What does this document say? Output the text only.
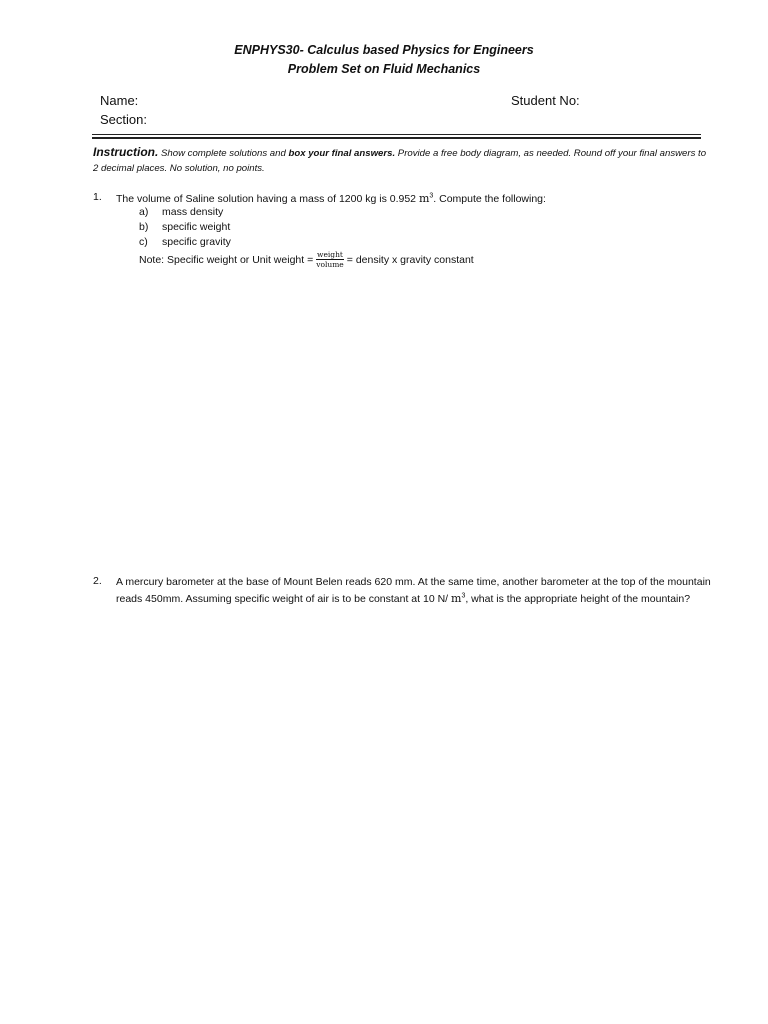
ENPHYS30- Calculus based Physics for Engineers
Problem Set on Fluid Mechanics
Name:
Section:
Student No:
Instruction. Show complete solutions and box your final answers. Provide a free body diagram, as needed. Round off your final answers to 2 decimal places. No solution, no points.
1. The volume of Saline solution having a mass of 1200 kg is 0.952 $m^3$. Compute the following:
a) mass density
b) specific weight
c) specific gravity
Note: Specific weight or Unit weight = $\frac{\text{weight}}{\text{volume}}$ = density x gravity constant
2. A mercury barometer at the base of Mount Belen reads 620 mm. At the same time, another barometer at the top of the mountain reads 450mm. Assuming specific weight of air is to be constant at 10 N/ $m^3$, what is the appropriate height of the mountain?
